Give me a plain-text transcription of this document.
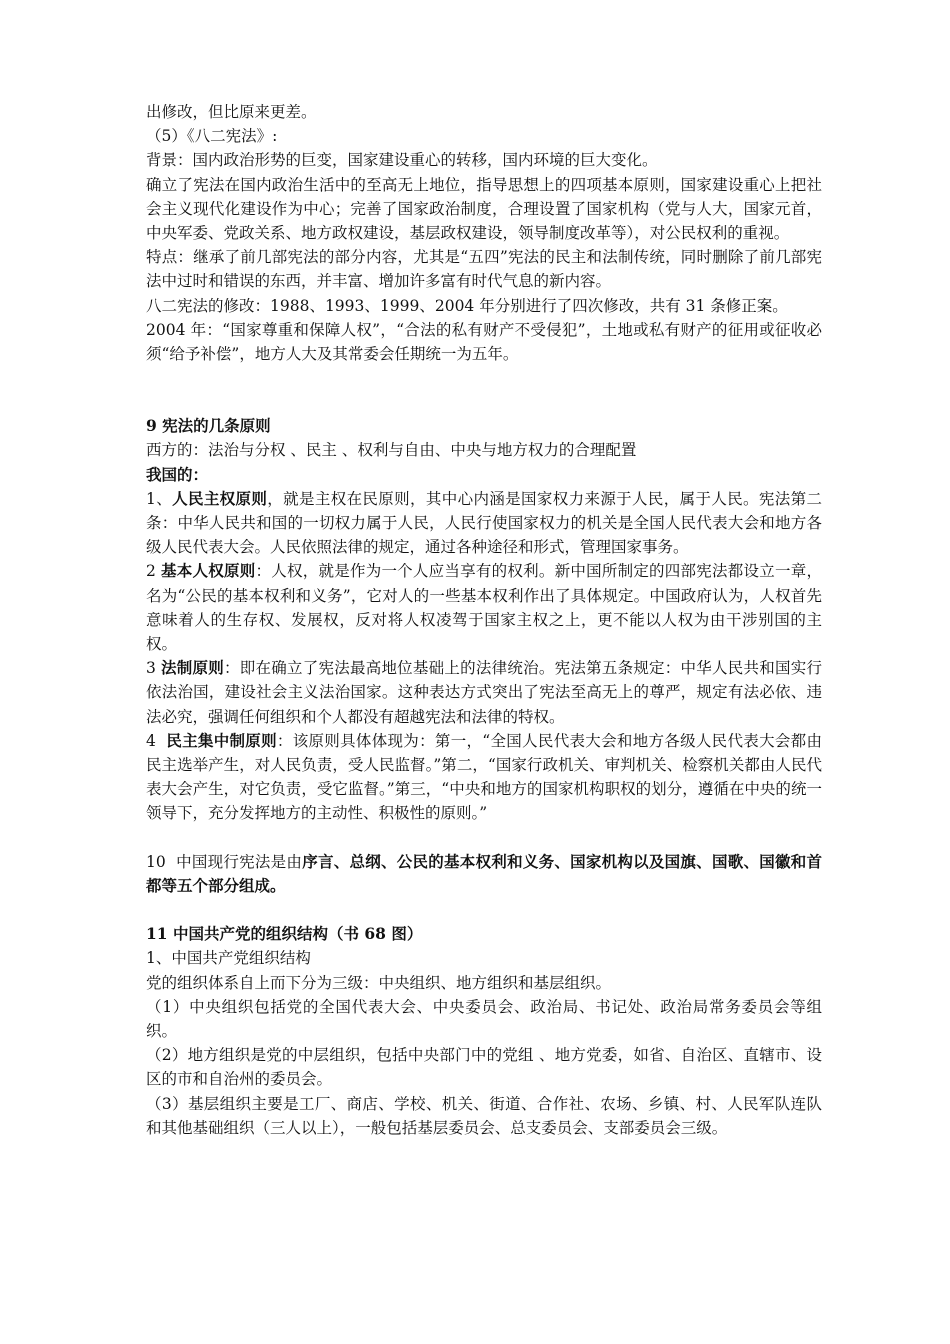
出修改，但比原来更差。

（5）《八二宪法》:

背景：国内政治形势的巨变，国家建设重心的转移，国内环境的巨大变化。

确立了宪法在国内政治生活中的至高无上地位，指导思想上的四项基本原则，国家建设重心上把社会主义现代化建设作为中心；完善了国家政治制度，合理设置了国家机构（党与人大，国家元首，中央军委、党政关系、地方政权建设，基层政权建设，领导制度改革等），对公民权利的重视。

特点：继承了前几部宪法的部分内容，尤其是“五四”宪法的民主和法制传统，同时删除了前几部宪法中过时和错误的东西，并丰富、增加许多富有时代气息的新内容。

八二宪法的修改：1988、1993、1999、2004 年分别进行了四次修改，共有 31 条修正案。

2004 年：“国家尊重和保障人权”，“合法的私有财产不受侵犯”，土地或私有财产的征用或征收必须“给予补偿”，地方人大及其常委会任期统一为五年。

9 宪法的几条原则

西方的：法治与分权 、民主 、权利与自由、中央与地方权力的合理配置

我国的：

1、人民主权原则，就是主权在民原则，其中心内涵是国家权力来源于人民，属于人民。宪法第二条：中华人民共和国的一切权力属于人民，人民行使国家权力的机关是全国人民代表大会和地方各级人民代表大会。人民依照法律的规定，通过各种途径和形式，管理国家事务。

2 基本人权原则：人权，就是作为一个人应当享有的权利。新中国所制定的四部宪法都设立一章，名为“公民的基本权利和义务”，它对人的一些基本权利作出了具体规定。中国政府认为，人权首先意味着人的生存权、发展权，反对将人权凌驾于国家主权之上，更不能以人权为由干涉别国的主权。

3 法制原则：即在确立了宪法最高地位基础上的法律统治。宪法第五条规定：中华人民共和国实行依法治国，建设社会主义法治国家。这种表达方式突出了宪法至高无上的尊严，规定有法必依、违法必究，强调任何组织和个人都没有超越宪法和法律的特权。

4  民主集中制原则：该原则具体体现为：第一，“全国人民代表大会和地方各级人民代表大会都由民主选举产生，对人民负责，受人民监督。”第二，“国家行政机关、审判机关、检察机关都由人民代表大会产生，对它负责，受它监督。”第三，“中央和地方的国家机构职权的划分，遵循在中央的统一领导下，充分发挥地方的主动性、积极性的原则。”

10  中国现行宪法是由序言、总纲、公民的基本权利和义务、国家机构以及国旗、国歌、国徽和首都等五个部分组成。

11 中国共产党的组织结构（书 68 图）

1、中国共产党组织结构

党的组织体系自上而下分为三级：中央组织、地方组织和基层组织。

（1）中央组织包括党的全国代表大会、中央委员会、政治局、书记处、政治局常务委员会等组织。

（2）地方组织是党的中层组织，包括中央部门中的党组 、地方党委，如省、自治区、直辖市、设区的市和自治州的委员会。

（3）基层组织主要是工厂、商店、学校、机关、街道、合作社、农场、乡镇、村、人民军队连队和其他基础组织（三人以上），一般包括基层委员会、总支委员会、支部委员会三级。
